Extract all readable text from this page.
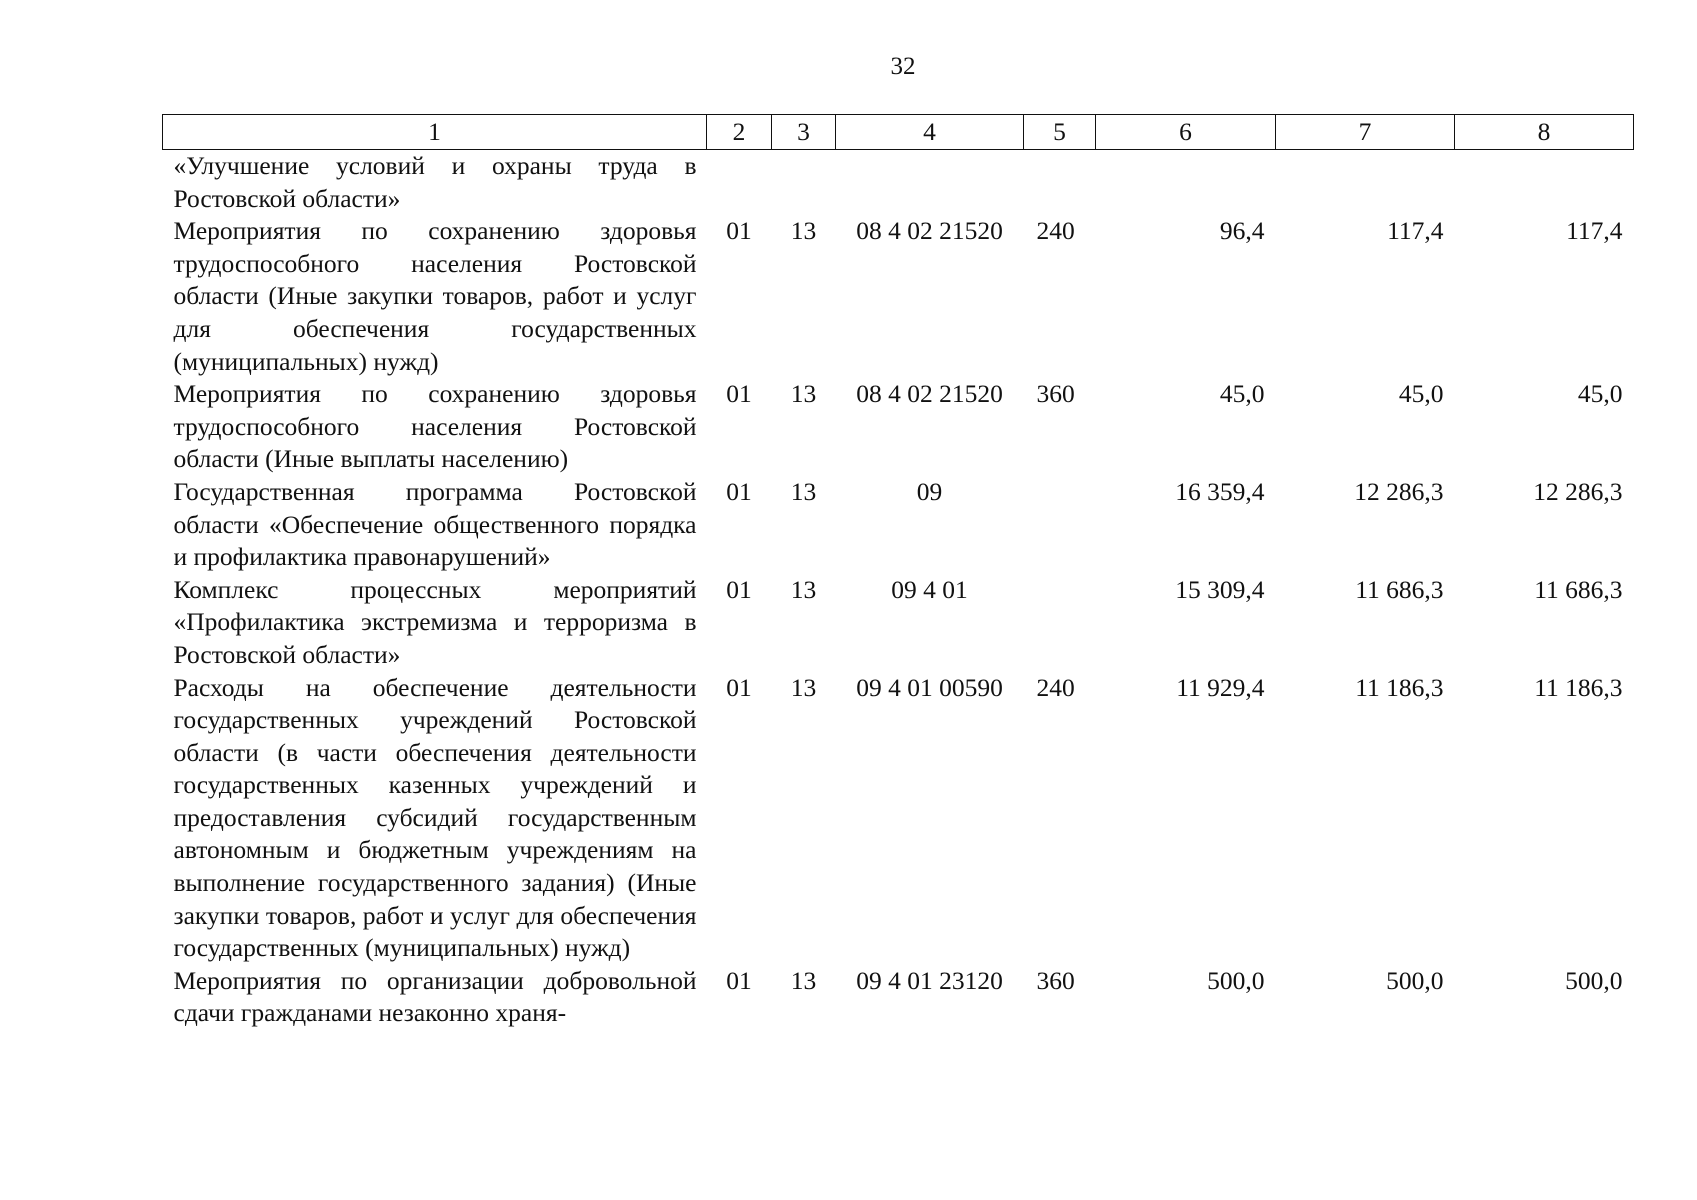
32
1	2	3	4	5	6	7	8
«Улучшение условий и охраны труда в Ростовской области»							
Мероприятия по сохранению здоровья трудоспособного населения Ростовской области (Иные закупки товаров, работ и услуг для обеспечения государственных (муниципальных) нужд)	01	13	08 4 02 21520	240	96,4	117,4	117,4
Мероприятия по сохранению здоровья трудоспособного населения Ростовской области (Иные выплаты населению)	01	13	08 4 02 21520	360	45,0	45,0	45,0
Государственная программа Ростовской области «Обеспечение общественного порядка и профилактика правонарушений»	01	13	09		16 359,4	12 286,3	12 286,3
Комплекс процессных мероприятий «Профилактика экстремизма и терроризма в Ростовской области»	01	13	09 4 01		15 309,4	11 686,3	11 686,3
Расходы на обеспечение деятельности государственных учреждений Ростовской области (в части обеспечения деятельности государственных казенных учреждений и предоставления субсидий государственным автономным и бюджетным учреждениям на выполнение государственного задания) (Иные закупки товаров, работ и услуг для обеспечения государственных (муниципальных) нужд)	01	13	09 4 01 00590	240	11 929,4	11 186,3	11 186,3
Мероприятия по организации добровольной сдачи гражданами незаконно храня-	01	13	09 4 01 23120	360	500,0	500,0	500,0
